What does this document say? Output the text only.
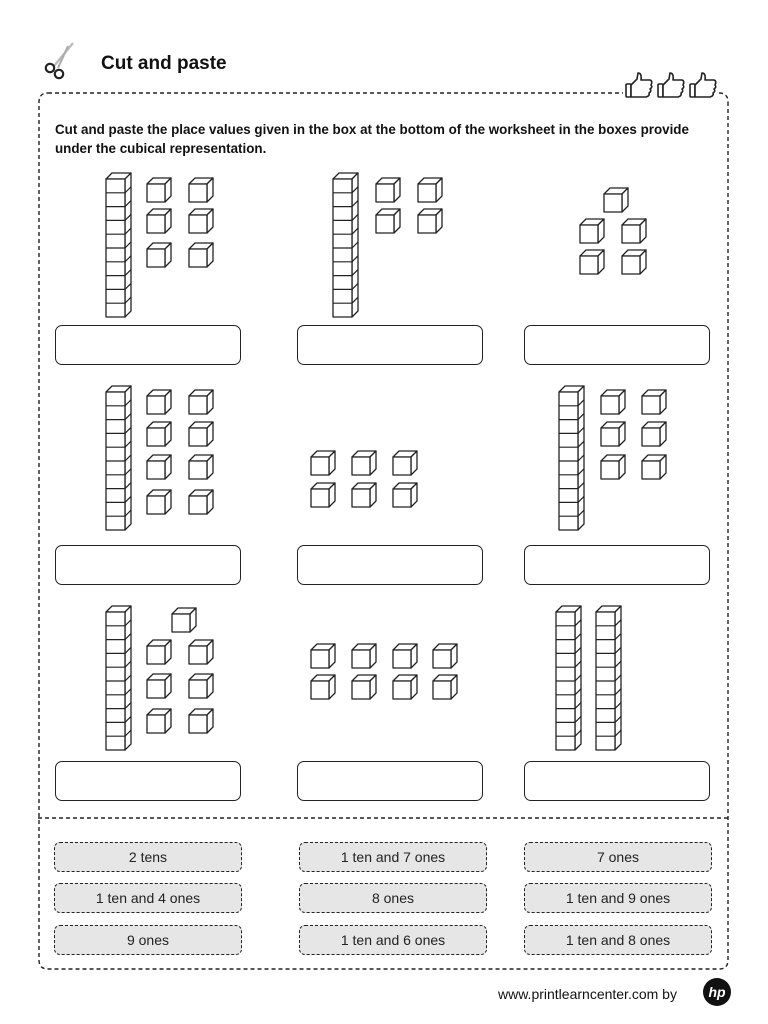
Cut and paste
Cut and paste the place values given in the box at the bottom of the worksheet in the boxes provide under the cubical representation.
2 tens	1 ten and 7 ones	7 ones
1 ten and 4 ones	8 ones	1 ten and 9 ones
9 ones	1 ten and 6 ones	1 ten and 8 ones
www.printlearncenter.com by hp
